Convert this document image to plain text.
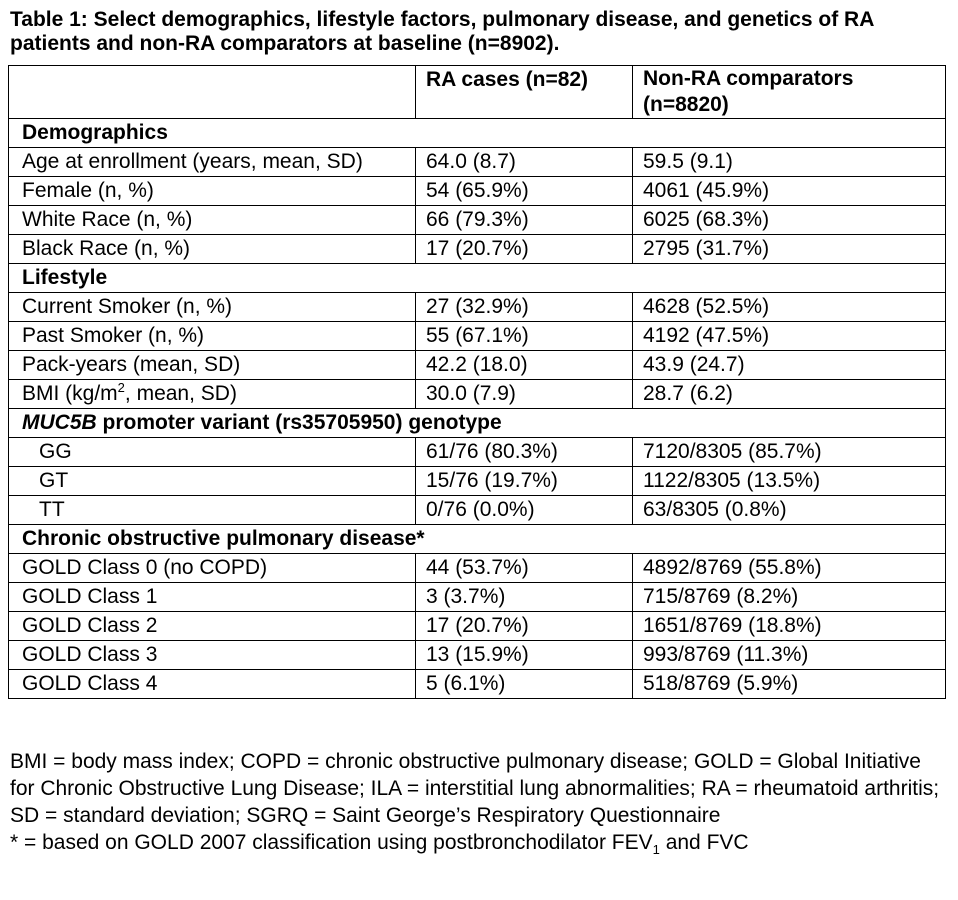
Table 1: Select demographics, lifestyle factors, pulmonary disease, and genetics of RA patients and non-RA comparators at baseline (n=8902).
	RA cases (n=82)	Non-RA comparators (n=8820)
Demographics		
Age at enrollment (years, mean, SD)	64.0 (8.7)	59.5 (9.1)
Female (n, %)	54 (65.9%)	4061 (45.9%)
White Race (n, %)	66 (79.3%)	6025 (68.3%)
Black Race (n, %)	17 (20.7%)	2795 (31.7%)
Lifestyle		
Current Smoker (n, %)	27 (32.9%)	4628 (52.5%)
Past Smoker (n, %)	55 (67.1%)	4192 (47.5%)
Pack-years (mean, SD)	42.2 (18.0)	43.9 (24.7)
BMI ($kg/m^2$, mean, SD)	30.0 (7.9)	28.7 (6.2)
MUC5B promoter variant (rs35705950) genotype		
GG	61/76 (80.3%)	7120/8305 (85.7%)
GT	15/76 (19.7%)	1122/8305 (13.5%)
TT	0/76 (0.0%)	63/8305 (0.8%)
Chronic obstructive pulmonary disease*		
GOLD Class 0 (no COPD)	44 (53.7%)	4892/8769 (55.8%)
GOLD Class 1	3 (3.7%)	715/8769 (8.2%)
GOLD Class 2	17 (20.7%)	1651/8769 (18.8%)
GOLD Class 3	13 (15.9%)	993/8769 (11.3%)
GOLD Class 4	5 (6.1%)	518/8769 (5.9%)

BMI = body mass index; COPD = chronic obstructive pulmonary disease; GOLD = Global Initiative for Chronic Obstructive Lung Disease; ILA = interstitial lung abnormalities; RA = rheumatoid arthritis; SD = standard deviation; SGRQ = Saint George’s Respiratory Questionnaire

* = based on GOLD 2007 classification using postbronchodilator $FEV_1$ and FVC
